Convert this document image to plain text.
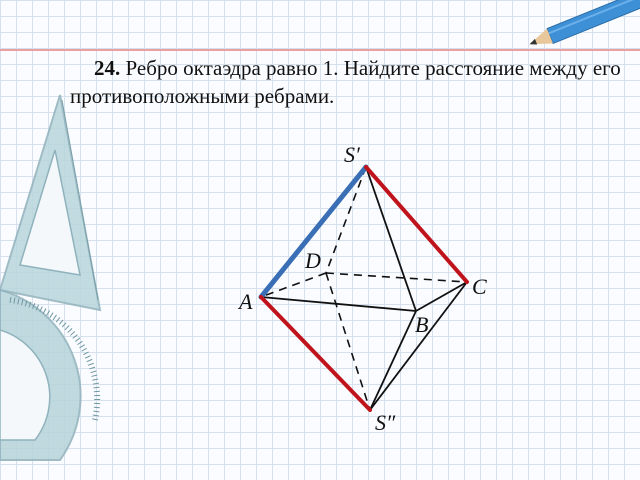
24. Ребро октаэдра равно 1. Найдите расстояние между его противоположными ребрами.

S′
D
A
C
B
S″
